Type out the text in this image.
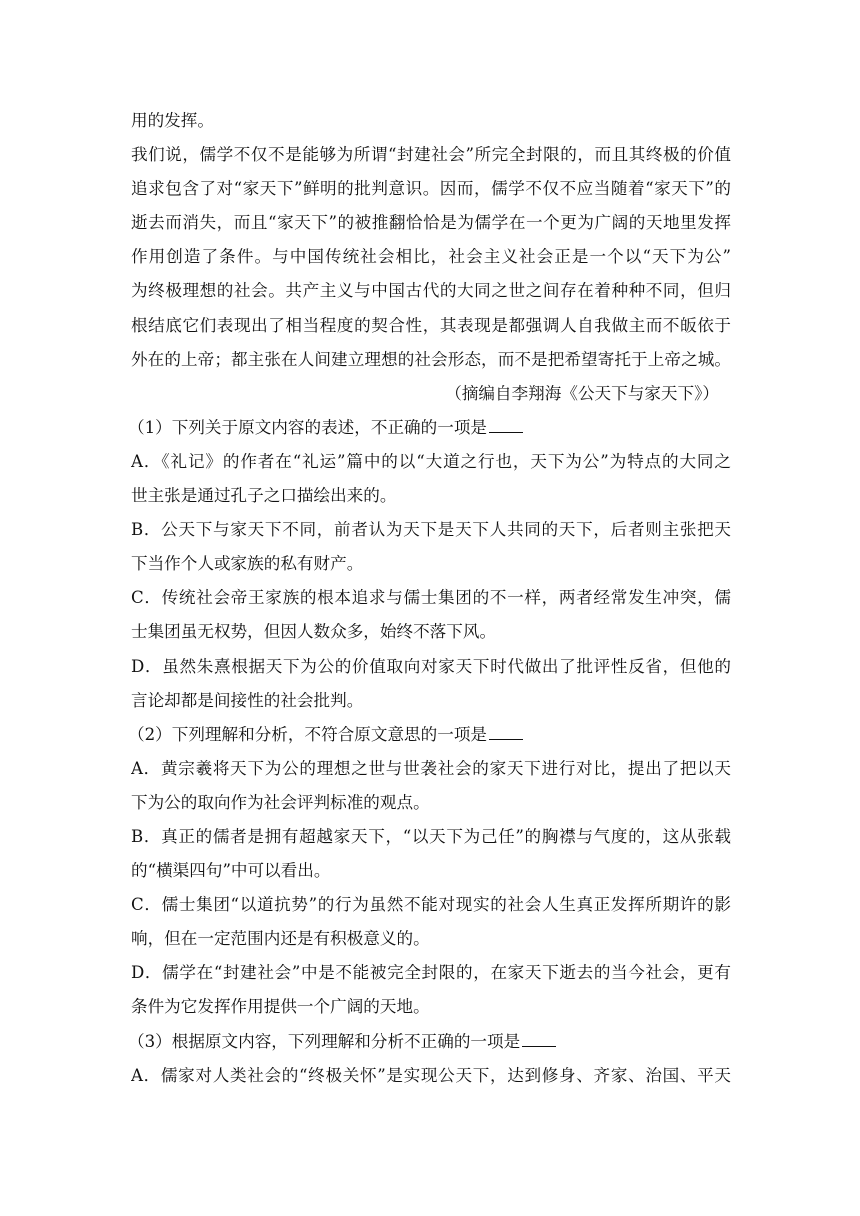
用的发挥。
我们说，儒学不仅不是能够为所谓“封建社会”所完全封限的，而且其终极的价值
追求包含了对“家天下”鲜明的批判意识。因而，儒学不仅不应当随着“家天下”的
逝去而消失，而且“家天下”的被推翻恰恰是为儒学在一个更为广阔的天地里发挥
作用创造了条件。与中国传统社会相比，社会主义社会正是一个以“天下为公”
为终极理想的社会。共产主义与中国古代的大同之世之间存在着种种不同，但归
根结底它们表现出了相当程度的契合性，其表现是都强调人自我做主而不皈依于
外在的上帝；都主张在人间建立理想的社会形态，而不是把希望寄托于上帝之城。
（摘编自李翔海《公天下与家天下》）
（1）下列关于原文内容的表述，不正确的一项是
A．《礼记》的作者在“礼运”篇中的以“大道之行也，天下为公”为特点的大同之
世主张是通过孔子之口描绘出来的。
B．公天下与家天下不同，前者认为天下是天下人共同的天下，后者则主张把天
下当作个人或家族的私有财产。
C．传统社会帝王家族的根本追求与儒士集团的不一样，两者经常发生冲突，儒
士集团虽无权势，但因人数众多，始终不落下风。
D．虽然朱熹根据天下为公的价值取向对家天下时代做出了批评性反省，但他的
言论却都是间接性的社会批判。
（2）下列理解和分析，不符合原文意思的一项是
A．黄宗羲将天下为公的理想之世与世袭社会的家天下进行对比，提出了把以天
下为公的取向作为社会评判标准的观点。
B．真正的儒者是拥有超越家天下，“以天下为己任”的胸襟与气度的，这从张载
的“横渠四句”中可以看出。
C．儒士集团“以道抗势”的行为虽然不能对现实的社会人生真正发挥所期许的影
响，但在一定范围内还是有积极意义的。
D．儒学在“封建社会”中是不能被完全封限的，在家天下逝去的当今社会，更有
条件为它发挥作用提供一个广阔的天地。
（3）根据原文内容，下列理解和分析不正确的一项是
A．儒家对人类社会的“终极关怀”是实现公天下，达到修身、齐家、治国、平天
